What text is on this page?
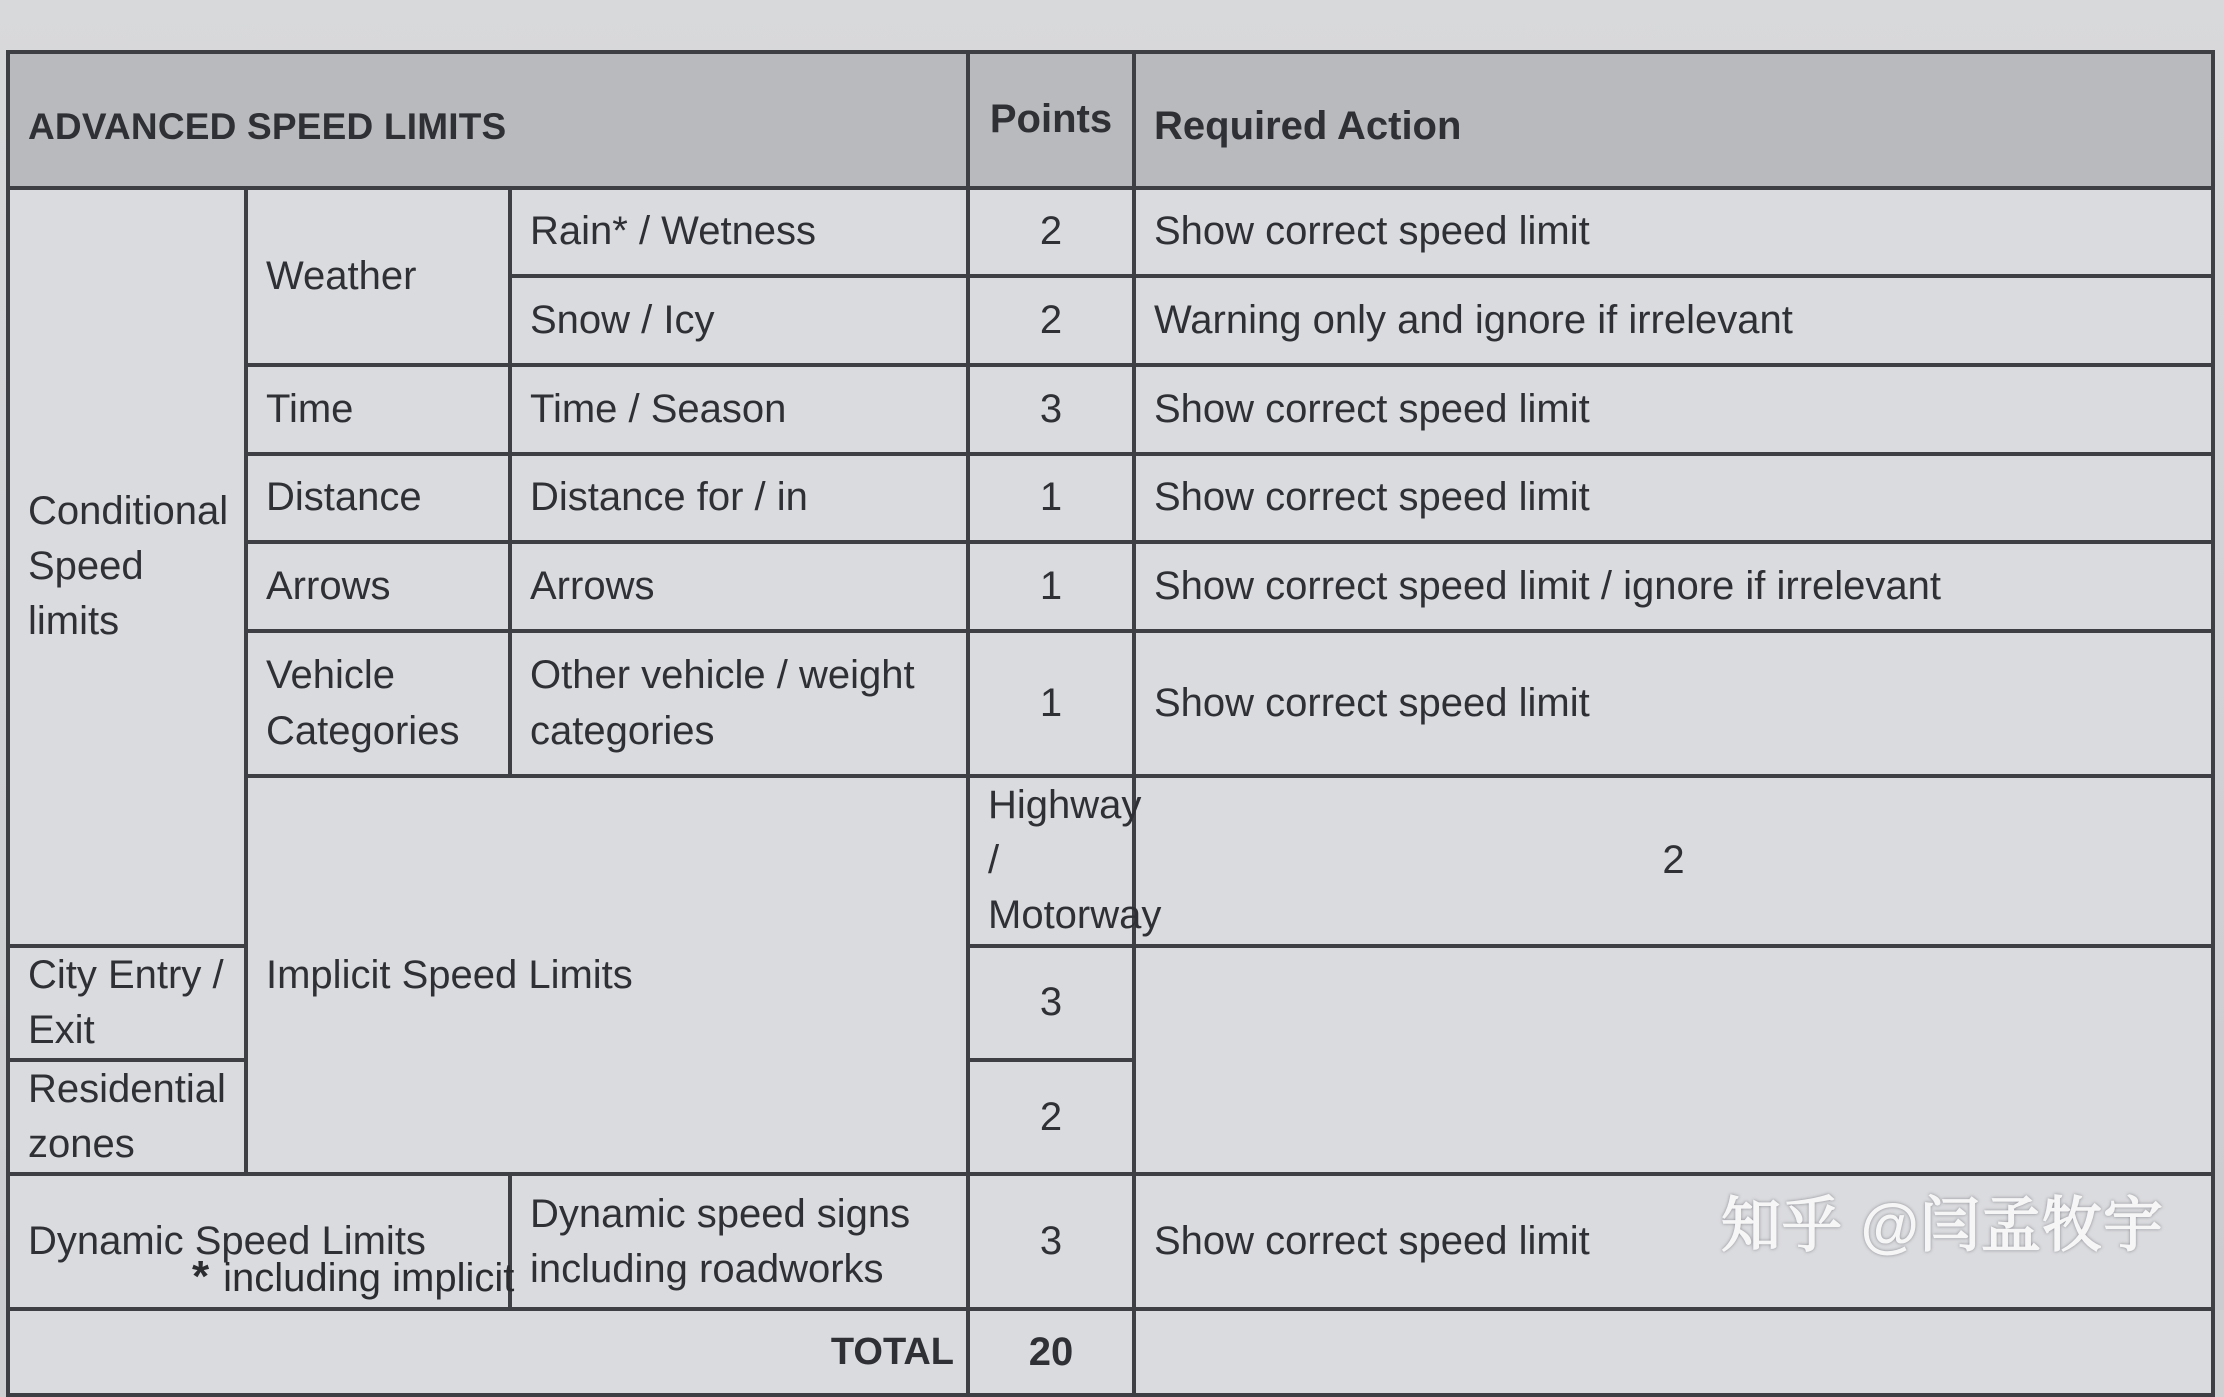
ADVANCED SPEED LIMITS			Points	Required Action	
Conditional Speed limits	Weather	Rain* / Wetness	2	Show correct speed limit	
		Snow / Icy	2	Warning only and ignore if irrelevant	
	Time	Time / Season	3	Show correct speed limit	
	Distance	Distance for / in	1	Show correct speed limit	
	Arrows	Arrows	1	Show correct speed limit / ignore if irrelevant	
	Vehicle Categories	Other vehicle / weight categories	1	Show correct speed limit	
	Implicit Speed Limits		Highway / Motorway	2	
City Entry / Exit			3		
Residential zones			2		
Dynamic Speed Limits		Dynamic speed signs including roadworks	3	Show correct speed limit	
TOTAL			20		
* including implicit
知乎 @闫孟牧宇
